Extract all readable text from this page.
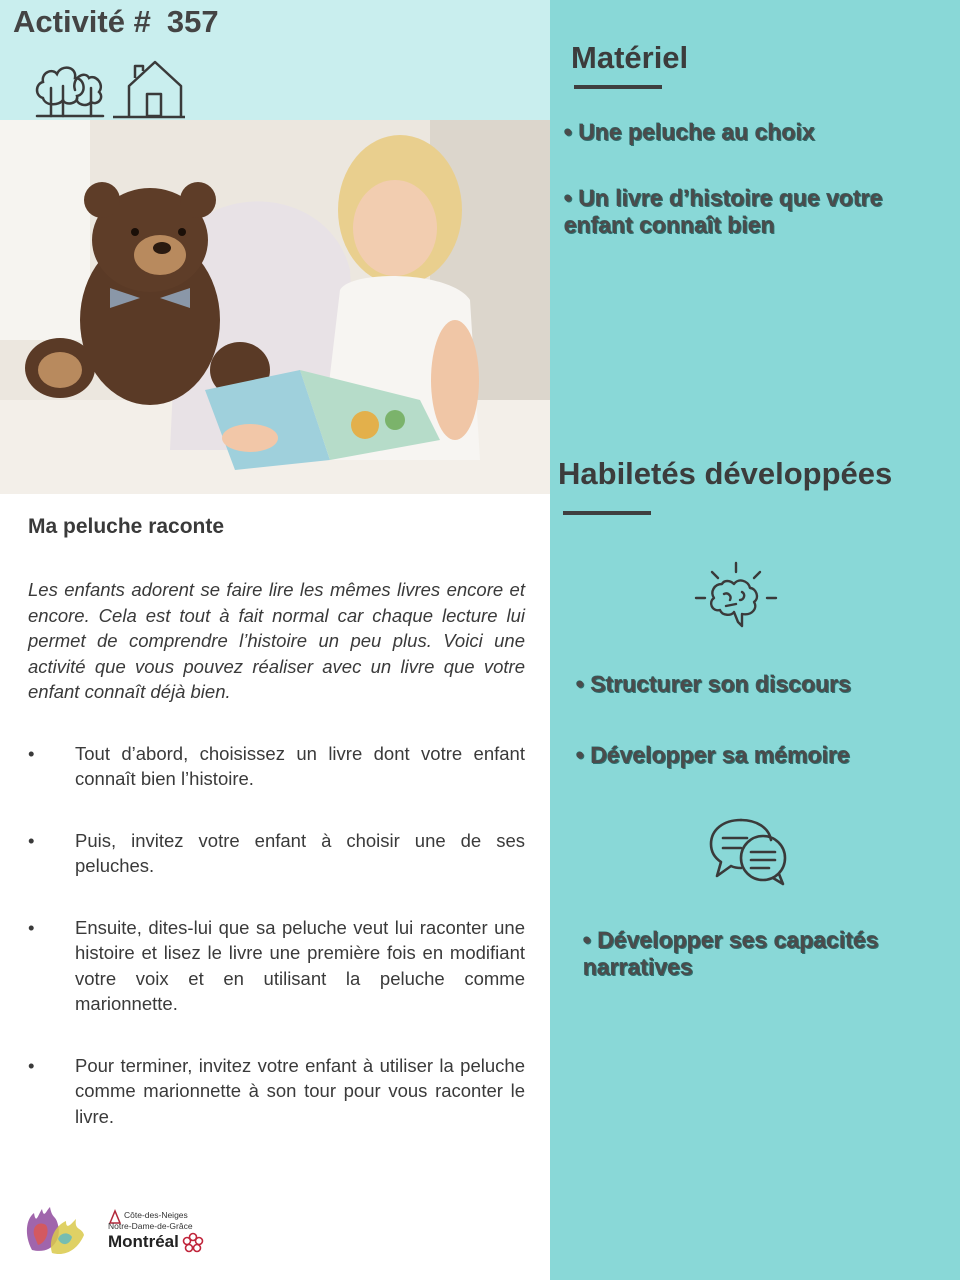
Activité # 357

Ma peluche raconte

Les enfants adorent se faire lire les mêmes livres encore et encore. Cela est tout à fait normal car chaque lecture lui permet de comprendre l’histoire un peu plus. Voici une activité que vous pouvez réaliser avec un livre que votre enfant connaît déjà bien.

• Tout d’abord, choisissez un livre dont votre enfant connaît bien l’histoire.
• Puis, invitez votre enfant à choisir une de ses peluches.
• Ensuite, dites-lui que sa peluche veut lui raconter une histoire et lisez le livre une première fois en modifiant votre voix et en utilisant la peluche comme marionnette.
• Pour terminer, invitez votre enfant à utiliser la peluche comme marionnette à son tour pour vous raconter le livre.
Côte-des-Neiges
Notre-Dame-de-Grâce
Montréal
Matériel
• Une peluche au choix
• Un livre d’histoire que votre enfant connaît bien
Habiletés développées
• Structurer son discours
• Développer sa mémoire
• Développer ses capacités narratives
